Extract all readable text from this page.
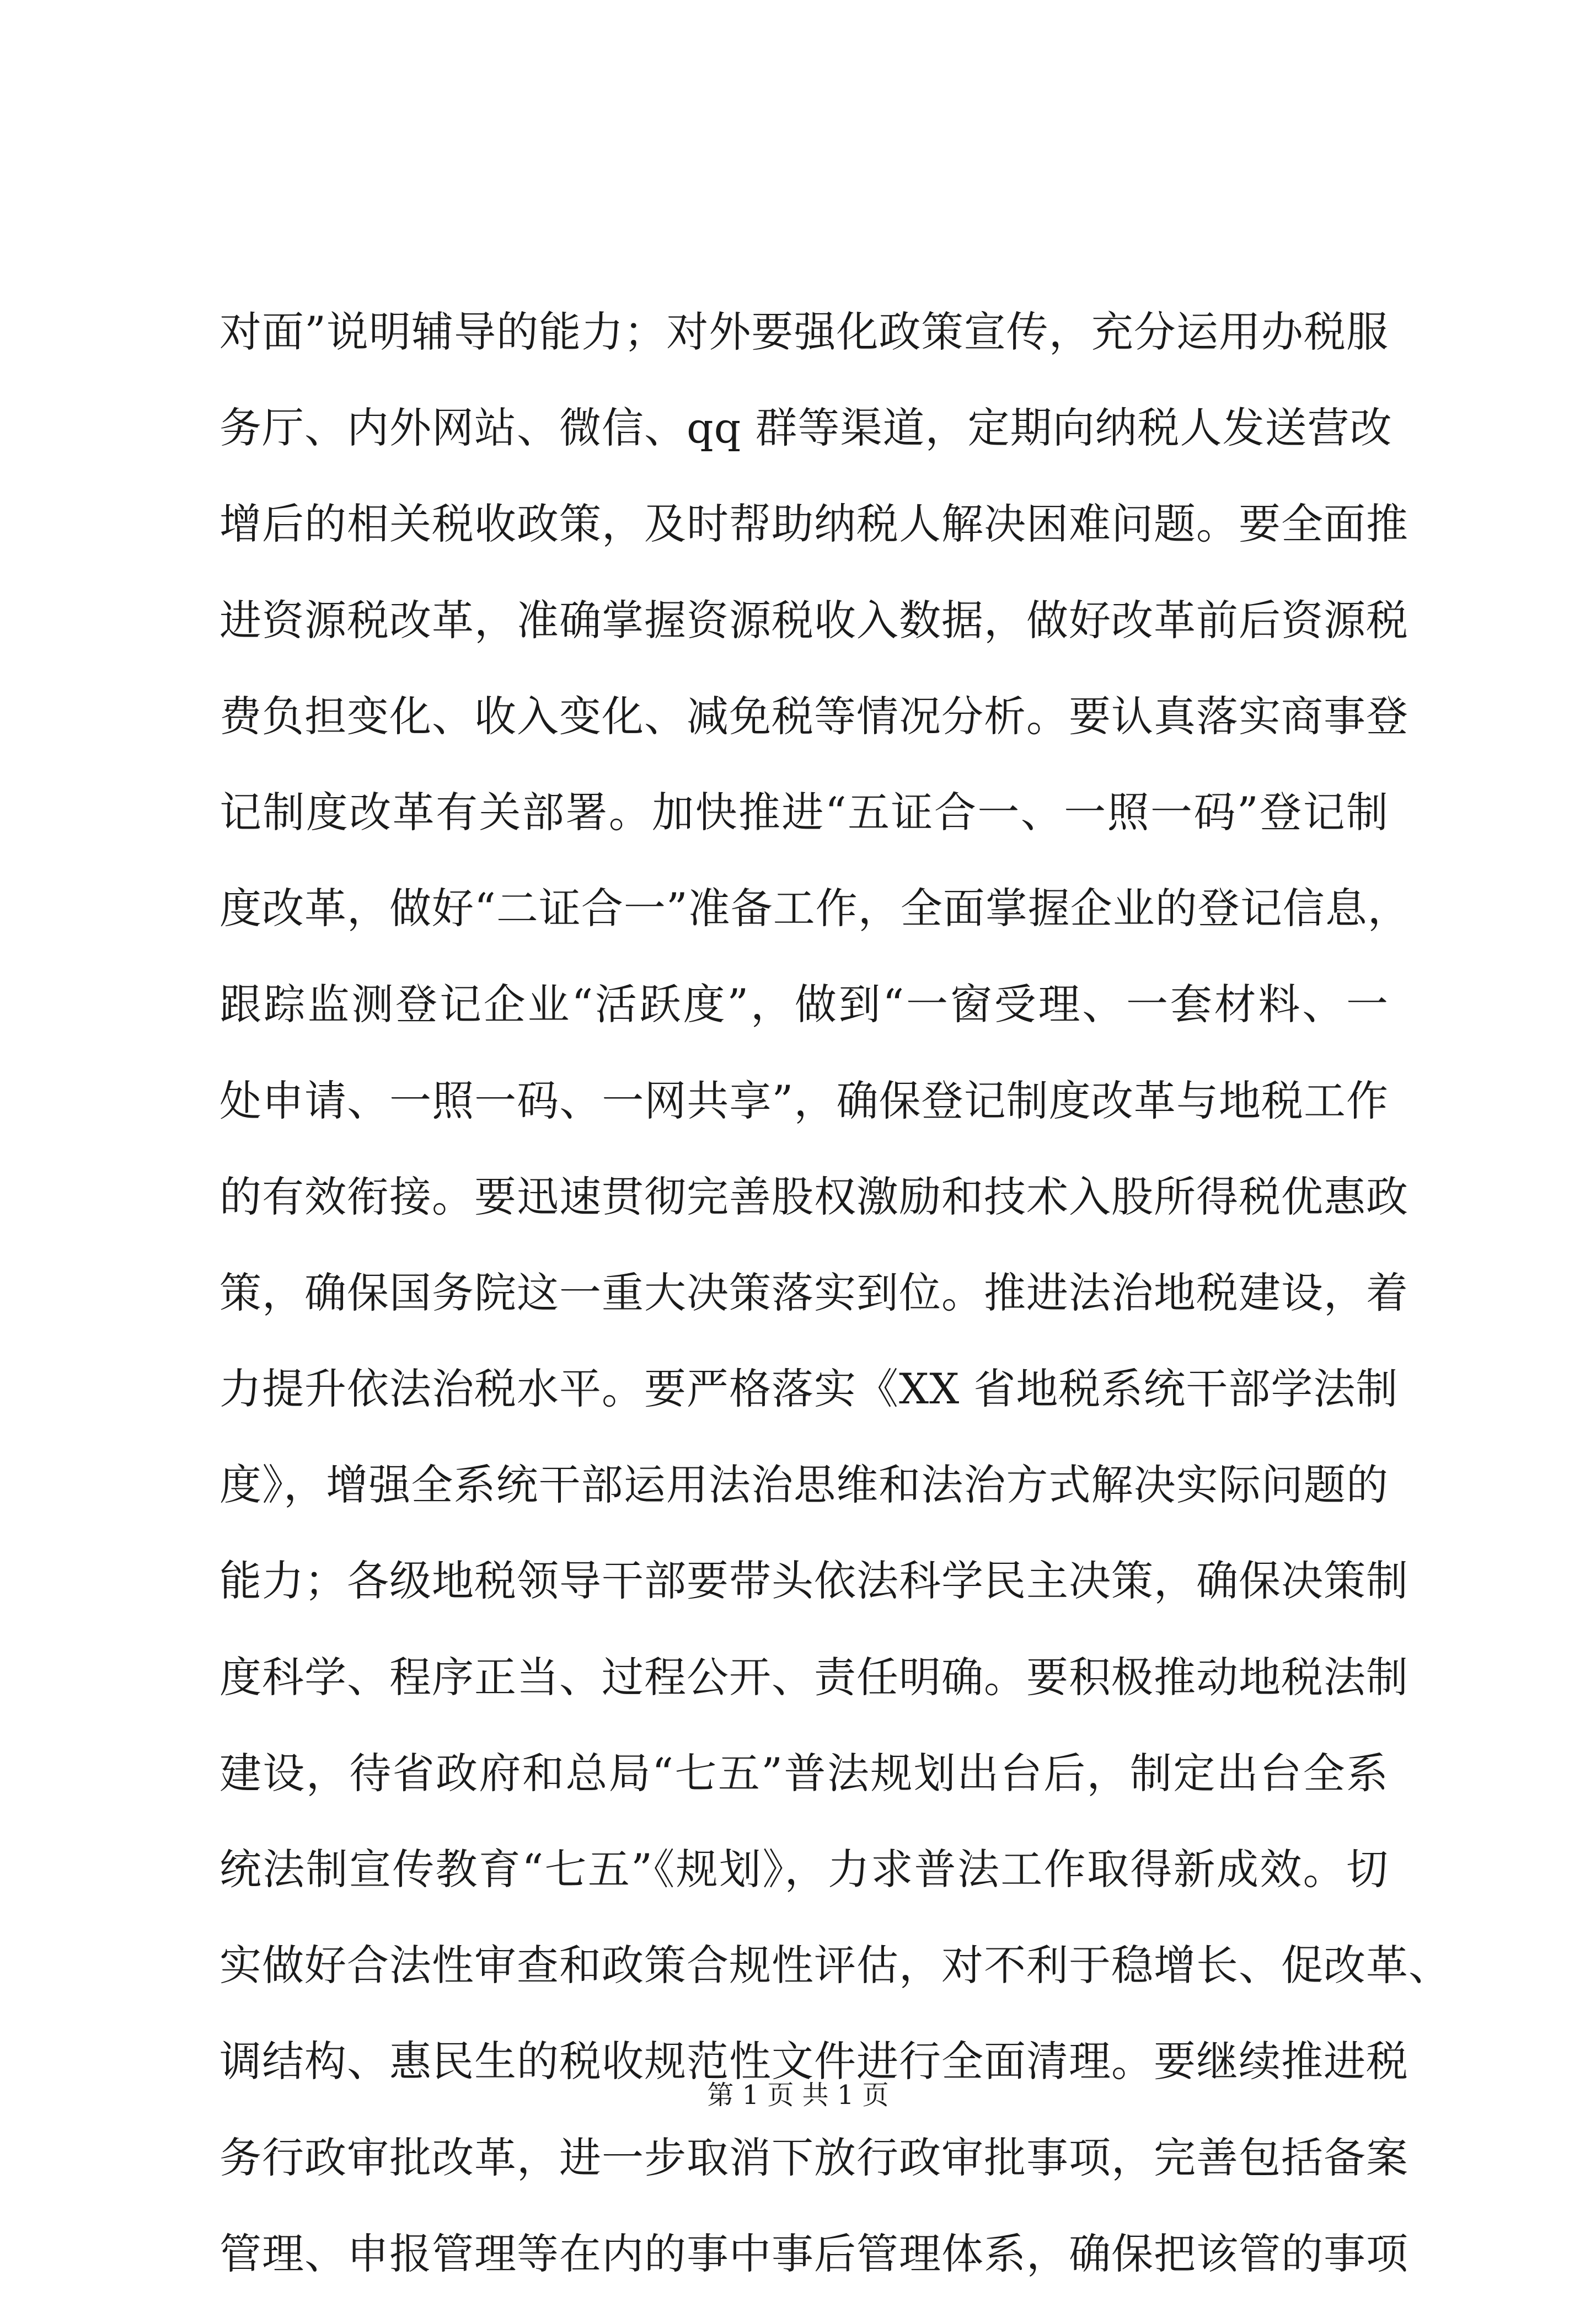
对面”说明辅导的能力；对外要强化政策宣传，充分运用办税服
务厅、内外网站、微信、qq 群等渠道，定期向纳税人发送营改
增后的相关税收政策，及时帮助纳税人解决困难问题。要全面推
进资源税改革，准确掌握资源税收入数据，做好改革前后资源税
费负担变化、收入变化、减免税等情况分析。要认真落实商事登
记制度改革有关部署。加快推进“五证合一、一照一码”登记制
度改革，做好“二证合一”准备工作，全面掌握企业的登记信息，
跟踪监测登记企业“活跃度”，做到“一窗受理、一套材料、一
处申请、一照一码、一网共享”，确保登记制度改革与地税工作
的有效衔接。要迅速贯彻完善股权激励和技术入股所得税优惠政
策，确保国务院这一重大决策落实到位。推进法治地税建设，着
力提升依法治税水平。要严格落实《XX 省地税系统干部学法制
度》，增强全系统干部运用法治思维和法治方式解决实际问题的
能力；各级地税领导干部要带头依法科学民主决策，确保决策制
度科学、程序正当、过程公开、责任明确。要积极推动地税法制
建设，待省政府和总局“七五”普法规划出台后，制定出台全系
统法制宣传教育“七五”《规划》，力求普法工作取得新成效。切
实做好合法性审查和政策合规性评估，对不利于稳增长、促改革、
调结构、惠民生的税收规范性文件进行全面清理。要继续推进税
务行政审批改革，进一步取消下放行政审批事项，完善包括备案
管理、申报管理等在内的事中事后管理体系，确保把该管的事项
第 1 页 共 1 页
